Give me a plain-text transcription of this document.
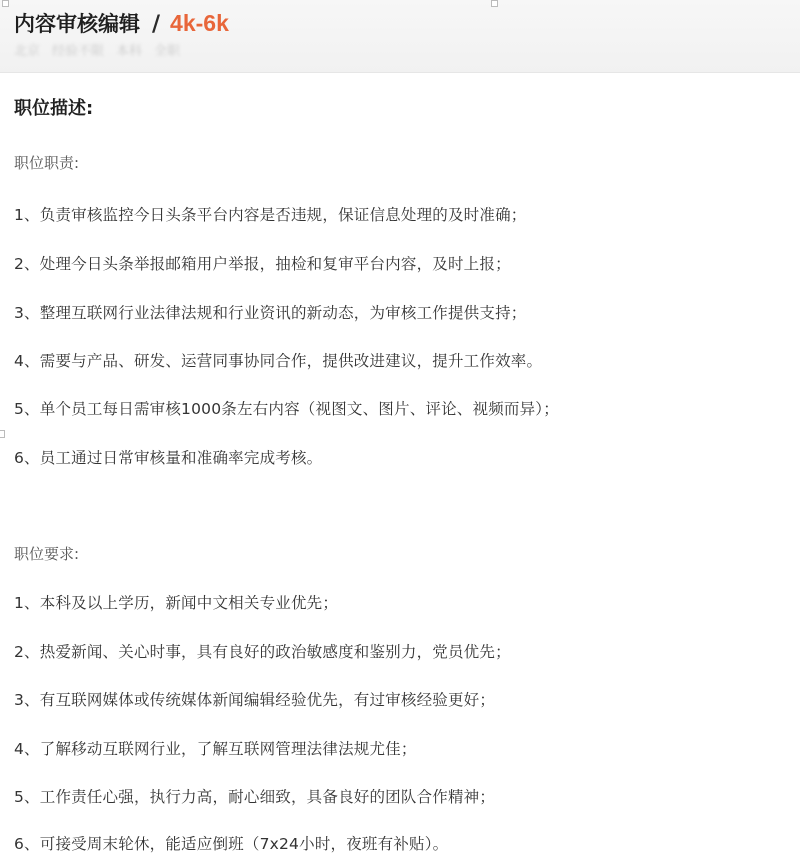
内容审核编辑 / 4k-6k
北京 经验不限 本科 全职
职位描述:

职位职责:

1、负责审核监控今日头条平台内容是否违规，保证信息处理的及时准确；

2、处理今日头条举报邮箱用户举报，抽检和复审平台内容，及时上报；

3、整理互联网行业法律法规和行业资讯的新动态，为审核工作提供支持；

4、需要与产品、研发、运营同事协同合作，提供改进建议，提升工作效率。

5、单个员工每日需审核1000条左右内容（视图文、图片、评论、视频而异）；

6、员工通过日常审核量和准确率完成考核。

职位要求:

1、本科及以上学历，新闻中文相关专业优先；

2、热爱新闻、关心时事，具有良好的政治敏感度和鉴别力，党员优先；

3、有互联网媒体或传统媒体新闻编辑经验优先，有过审核经验更好；

4、了解移动互联网行业，了解互联网管理法律法规尤佳；

5、工作责任心强，执行力高，耐心细致，具备良好的团队合作精神；

6、可接受周末轮休，能适应倒班（7x24小时，夜班有补贴）。
